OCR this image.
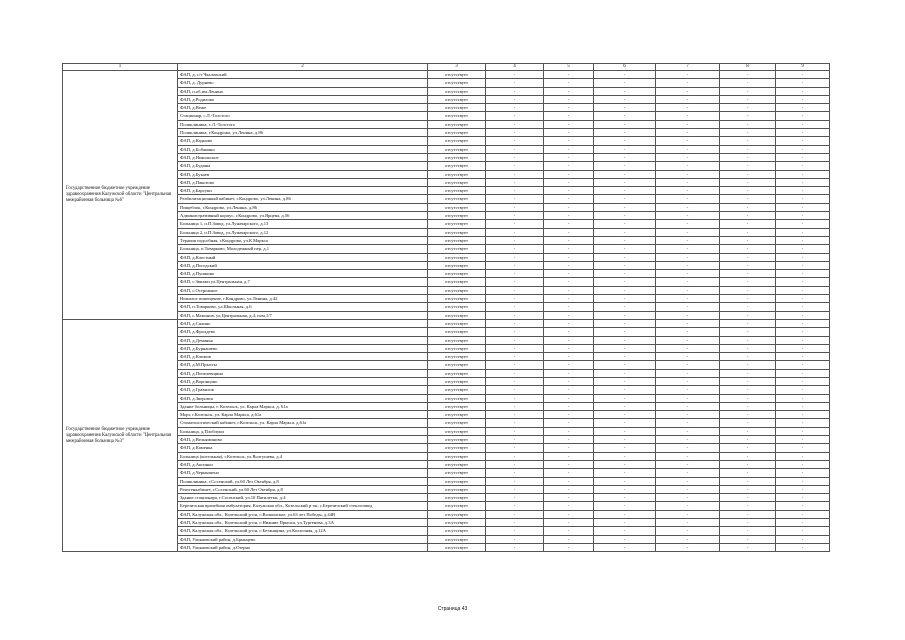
1	2	3	4	5	6	7	8	9
Государственное бюджетное учреждение здравоохранения Калужской области "Центральная межрайонная больница №6"	ФАП, д. с/т Чкаловский	отсутствует	-	-	-	-	-	-
	ФАП, д. Дурнево	отсутствует	-	-	-	-	-	-
	ФАП, п.об.им.Ленина	отсутствует	-	-	-	-	-	-
	ФАП, д.Родилово	отсутствует	-	-	-	-	-	-
	ФАП, д.Веже	отсутствует	-	-	-	-	-	-
	Стационар, с.Л.-Толстого	отсутствует	-	-	-	-	-	-
	Поликлиника, с.Л.-Толстого	отсутствует	-	-	-	-	-	-
	Поликлиника, г.Кондрово, ул.Ленина, д.86	отсутствует	-	-	-	-	-	-
	ФАП, д.Кадново	отсутствует	-	-	-	-	-	-
	ФАП, д.Бобанино	отсутствует	-	-	-	-	-	-
	ФАП, д.Никольское	отсутствует	-	-	-	-	-	-
	ФАП, д.Буданы	отсутствует	-	-	-	-	-	-
	ФАП, д.Букаев	отсутствует	-	-	-	-	-	-
	ФАП, д.Пакотово	отсутствует	-	-	-	-	-	-
	ФАП, д.Барсуки	отсутствует	-	-	-	-	-	-
	Реабилитационный кабинет, г.Кондрово, ул.Ленина, д.86	отсутствует	-	-	-	-	-	-
	Пищеблок, г.Кондрово, ул.Ленина, д.86	отсутствует	-	-	-	-	-	-
	Административный корпус, г.Кондрово, ул.Ярцева, д.56	отсутствует	-	-	-	-	-	-
	Больница 1, п.П.Завод, ул.Луначарского, д.13	отсутствует	-	-	-	-	-	-
	Больница 2, п.П.Завод, ул.Луначарского, д.12	отсутствует	-	-	-	-	-	-
	Терапия подсобная, г.Кондрово, ул.К.Маркса	отсутствует	-	-	-	-	-	-
	Больница, п.Товарково, Молодежный пер, д.1	отсутствует	-	-	-	-	-	-
	ФАП, д.Клестный	отсутствует	-	-	-	-	-	-
	ФАП, д.Погодский	отсутствует	-	-	-	-	-	-
	ФАП, д.Пушкино	отсутствует	-	-	-	-	-	-
	ФАП, с.Звизжи ул.Центральная, д.7	отсутствует	-	-	-	-	-	-
	ФАП, с.Острожное	отсутствует	-	-	-	-	-	-
	Нежилое помещение, г.Кондрово, ул.Ленина, д.42	отсутствует	-	-	-	-	-	-
	ФАП, п.Товарково, ул.Школьная, д.6	отсутствует	-	-	-	-	-	-
	ФАП, с.Мамонов, ул.Центральная, д.4, пом.1/7	отсутствует	-	-	-	-	-	-
Государственное бюджетное учреждение здравоохранения Калужской области "Центральная межрайонная больница №3"	ФАП, д.Сялино	отсутствует	-	-	-	-	-	-
	ФАП, д.Фролдево	отсутствует	-	-	-	-	-	-
	ФАП, д.Деманья	отсутствует	-	-	-	-	-	-
	ФАП, д.Бурнашево	отсутствует	-	-	-	-	-	-
	ФАП, д.Климов	отсутствует	-	-	-	-	-	-
	ФАП, д.М.Прысты	отсутствует	-	-	-	-	-	-
	ФАП, д.Попелевщина	отсутствует	-	-	-	-	-	-
	ФАП, д.Воронцово	отсутствует	-	-	-	-	-	-
	ФАП, д.Гравилов	отсутствует	-	-	-	-	-	-
	ФАП, д.Зверовск	отсутствует	-	-	-	-	-	-
	Здание больницы, г. Козельск, ул. Карла Маркса, д. 61а	отсутствует	-	-	-	-	-	-
	Морг, г.Козельск, ул. Карла Маркса, д.61а	отсутствует	-	-	-	-	-	-
	Стоматологический кабинет, г.Козельск, ул. Карла Маркса, д.61а	отсутствует	-	-	-	-	-	-
	Больница, д.Плоблуки	отсутствует	-	-	-	-	-	-
	ФАП, д.Вельяминово	отсутствует	-	-	-	-	-	-
	ФАП, д.Каменка	отсутствует	-	-	-	-	-	-
	Больница (котельная), г.Козельск, ул.Волгушева, д.4	отсутствует	-	-	-	-	-	-
	ФАП, д.Аксиньи	отсутствует	-	-	-	-	-	-
	ФАП, д.Чернышено	отсутствует	-	-	-	-	-	-
	Поликлиника, г.Сосенский, ул.60 Лет Октября, д.8	отсутствует	-	-	-	-	-	-
	Рентгенкабинет, г.Сосенский, ул.60 Лет Октября, д.8	отсутствует	-	-	-	-	-	-
	Здание стационара, г.Сосенский, ул.10 Пятилетки, д.4	отсутствует	-	-	-	-	-	-
	Березичская врачебная амбулатория, Калужская обл., Козельский р-он, с.Березичский стеклозавод	отсутствует	-	-	-	-	-	-
	ФАП, Калужская обл., Козельский р-он, с.Волконское, ул.63 лет Победы, д.44В	отсутствует	-	-	-	-	-	-
	ФАП, Калужская обл., Козельский р-он, с.Нижние Прыски, ул.Тургенева, д.3А	отсутствует	-	-	-	-	-	-
	ФАП, Калужская обл., Козельский р-он, с.Бетанщина, ул.Колхозная, д.12А	отсутствует	-	-	-	-	-	-
	ФАП, Ульяновский район, д.Брынцево	отсутствует	-	-	-	-	-	-
	ФАП, Ульяновский район, д.Озерно	отсутствует	-	-	-	-	-	-
Страница 43
